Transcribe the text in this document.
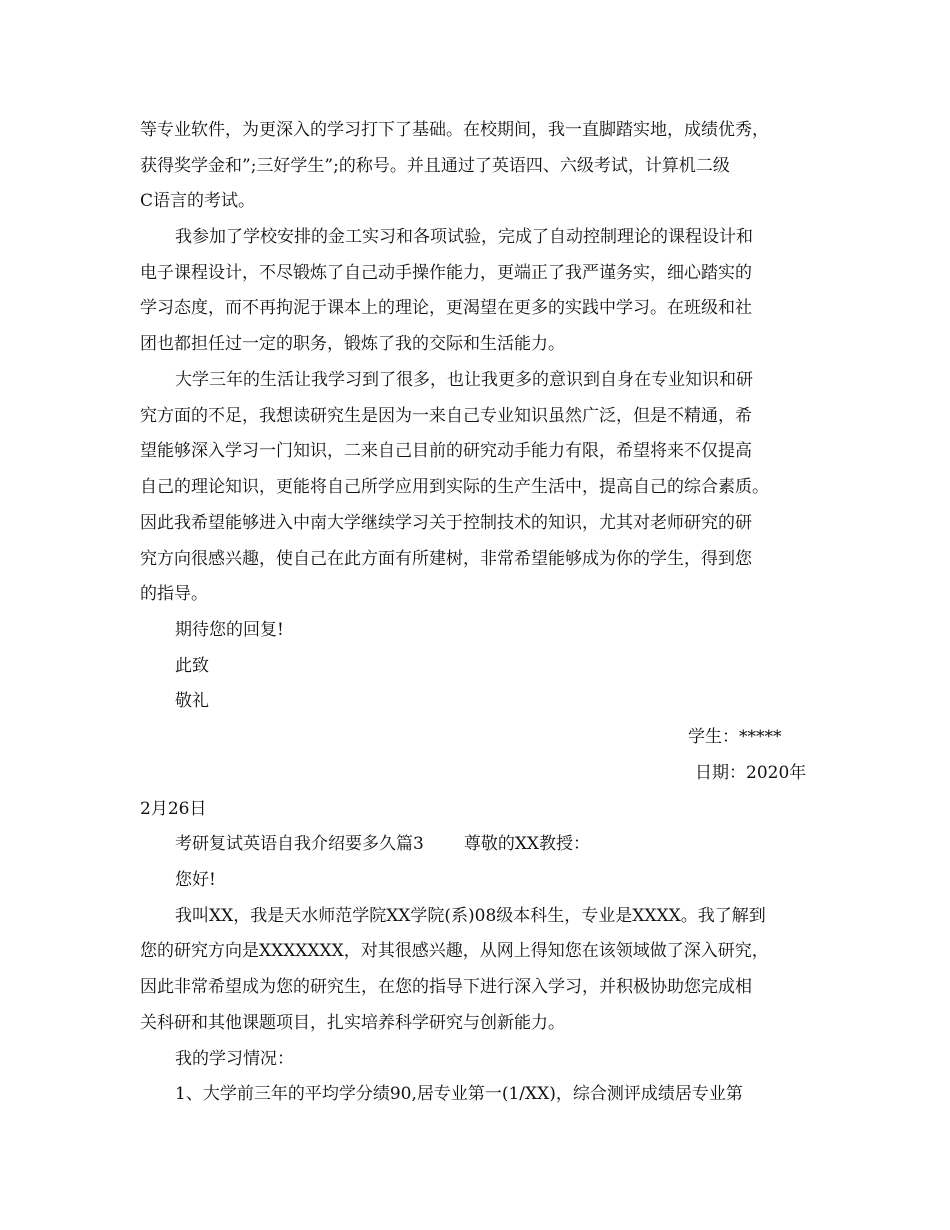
等专业软件，为更深入的学习打下了基础。在校期间，我一直脚踏实地，成绩优秀，
获得奖学金和”;三好学生”;的称号。并且通过了英语四、六级考试，计算机二级
C语言的考试。
我参加了学校安排的金工实习和各项试验，完成了自动控制理论的课程设计和
电子课程设计，不尽锻炼了自己动手操作能力，更端正了我严谨务实，细心踏实的
学习态度，而不再拘泥于课本上的理论，更渴望在更多的实践中学习。在班级和社
团也都担任过一定的职务，锻炼了我的交际和生活能力。
大学三年的生活让我学习到了很多，也让我更多的意识到自身在专业知识和研
究方面的不足，我想读研究生是因为一来自己专业知识虽然广泛，但是不精通，希
望能够深入学习一门知识，二来自己目前的研究动手能力有限，希望将来不仅提高
自己的理论知识，更能将自己所学应用到实际的生产生活中，提高自己的综合素质。
因此我希望能够进入中南大学继续学习关于控制技术的知识，尤其对老师研究的研
究方向很感兴趣，使自己在此方面有所建树，非常希望能够成为你的学生，得到您
的指导。
期待您的回复!
此致
敬礼
学生：*****
日期：2020年
2月26日
考研复试英语自我介绍要多久篇3 尊敬的XX教授：
您好!
我叫XX，我是天水师范学院XX学院(系)08级本科生，专业是XXXX。我了解到
您的研究方向是XXXXXXX，对其很感兴趣，从网上得知您在该领域做了深入研究，
因此非常希望成为您的研究生，在您的指导下进行深入学习，并积极协助您完成相
关科研和其他课题项目，扎实培养科学研究与创新能力。
我的学习情况：
1、大学前三年的平均学分绩90,居专业第一(1/XX)，综合测评成绩居专业第
